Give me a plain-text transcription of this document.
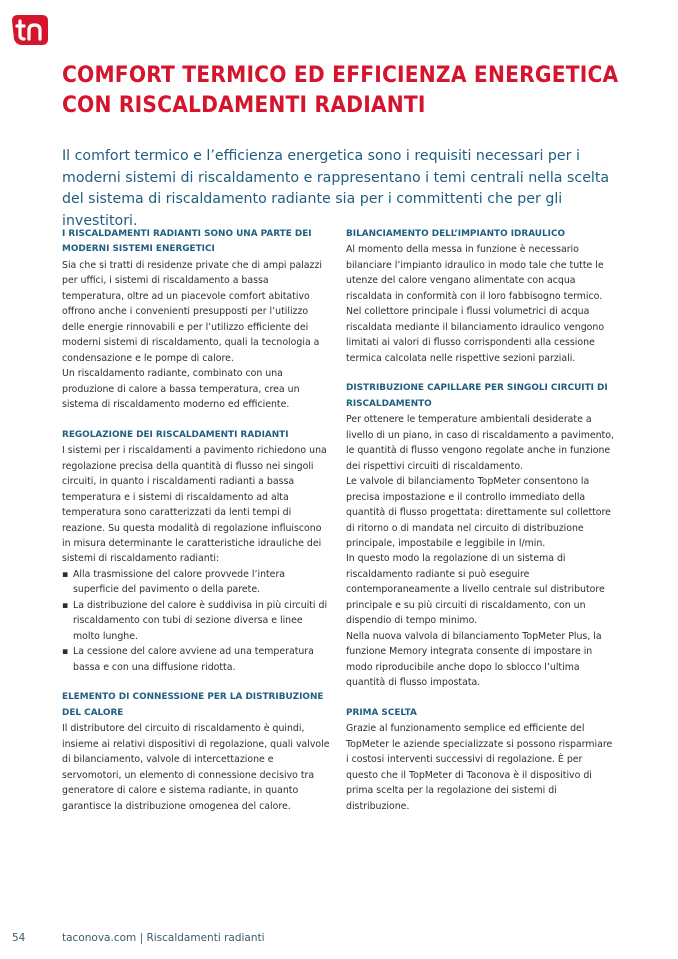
COMFORT TERMICO ED EFFICIENZA ENERGETICA CON RISCALDAMENTI RADIANTI

Il comfort termico e l’efficienza energetica sono i requisiti necessari per i moderni sistemi di riscaldamento e rappresentano i temi centrali nella scelta del sistema di riscaldamento radiante sia per i committenti che per gli investitori.

I RISCALDAMENTI RADIANTI SONO UNA PARTE DEI MODERNI SISTEMI ENERGETICI

Sia che si tratti di residenze private che di ampi palazzi per uffici, i sistemi di riscaldamento a bassa temperatura, oltre ad un piacevole comfort abitativo offrono anche i convenienti presupposti per l’utilizzo delle energie rinnovabili e per l’utilizzo efficiente dei moderni sistemi di riscaldamento, quali la tecnologia a condensazione e le pompe di calore.

Un riscaldamento radiante, combinato con una produzione di calore a bassa temperatura, crea un sistema di riscaldamento moderno ed efficiente.

REGOLAZIONE DEI RISCALDAMENTI RADIANTI

I sistemi per i riscaldamenti a pavimento richiedono una regolazione precisa della quantità di flusso nei singoli circuiti, in quanto i riscaldamenti radianti a bassa temperatura e i sistemi di riscaldamento ad alta temperatura sono caratterizzati da lenti tempi di reazione. Su questa modalità di regolazione influiscono in misura determinante le caratteristiche idrauliche dei sistemi di riscaldamento radianti:

▪ Alla trasmissione del calore provvede l’intera superficie del pavimento o della parete.
▪ La distribuzione del calore è suddivisa in più circuiti di riscaldamento con tubi di sezione diversa e linee molto lunghe.
▪ La cessione del calore avviene ad una temperatura bassa e con una diffusione ridotta.
ELEMENTO DI CONNESSIONE PER LA DISTRIBUZIONE DEL CALORE

Il distributore del circuito di riscaldamento è quindi, insieme ai relativi dispositivi di regolazione, quali valvole di bilanciamento, valvole di intercettazione e servomotori, un elemento di connessione decisivo tra generatore di calore e sistema radiante, in quanto garantisce la distribuzione omogenea del calore.

BILANCIAMENTO DELL’IMPIANTO IDRAULICO

Al momento della messa in funzione è necessario bilanciare l’impianto idraulico in modo tale che tutte le utenze del calore vengano alimentate con acqua riscaldata in conformità con il loro fabbisogno termico.

Nel collettore principale i flussi volumetrici di acqua riscaldata mediante il bilanciamento idraulico vengono limitati ai valori di flusso corrispondenti alla cessione termica calcolata nelle rispettive sezioni parziali.

DISTRIBUZIONE CAPILLARE PER SINGOLI CIRCUITI DI RISCALDAMENTO

Per ottenere le temperature ambientali desiderate a livello di un piano, in caso di riscaldamento a pavimento, le quantità di flusso vengono regolate anche in funzione dei rispettivi circuiti di riscaldamento.

Le valvole di bilanciamento TopMeter consentono la precisa impostazione e il controllo immediato della quantità di flusso progettata: direttamente sul collettore di ritorno o di mandata nel circuito di distribuzione principale, impostabile e leggibile in l/min.

In questo modo la regolazione di un sistema di riscaldamento radiante si può eseguire contemporaneamente a livello centrale sul distributore principale e su più circuiti di riscaldamento, con un dispendio di tempo minimo.

Nella nuova valvola di bilanciamento TopMeter Plus, la funzione Memory integrata consente di impostare in modo riproducibile anche dopo lo sblocco l’ultima quantità di flusso impostata.

PRIMA SCELTA

Grazie al funzionamento semplice ed efficiente del TopMeter le aziende specializzate si possono risparmiare i costosi interventi successivi di regolazione. È per questo che il TopMeter di Taconova è il dispositivo di prima scelta per la regolazione dei sistemi di distribuzione.

54	taconova.com | Riscaldamenti radianti
